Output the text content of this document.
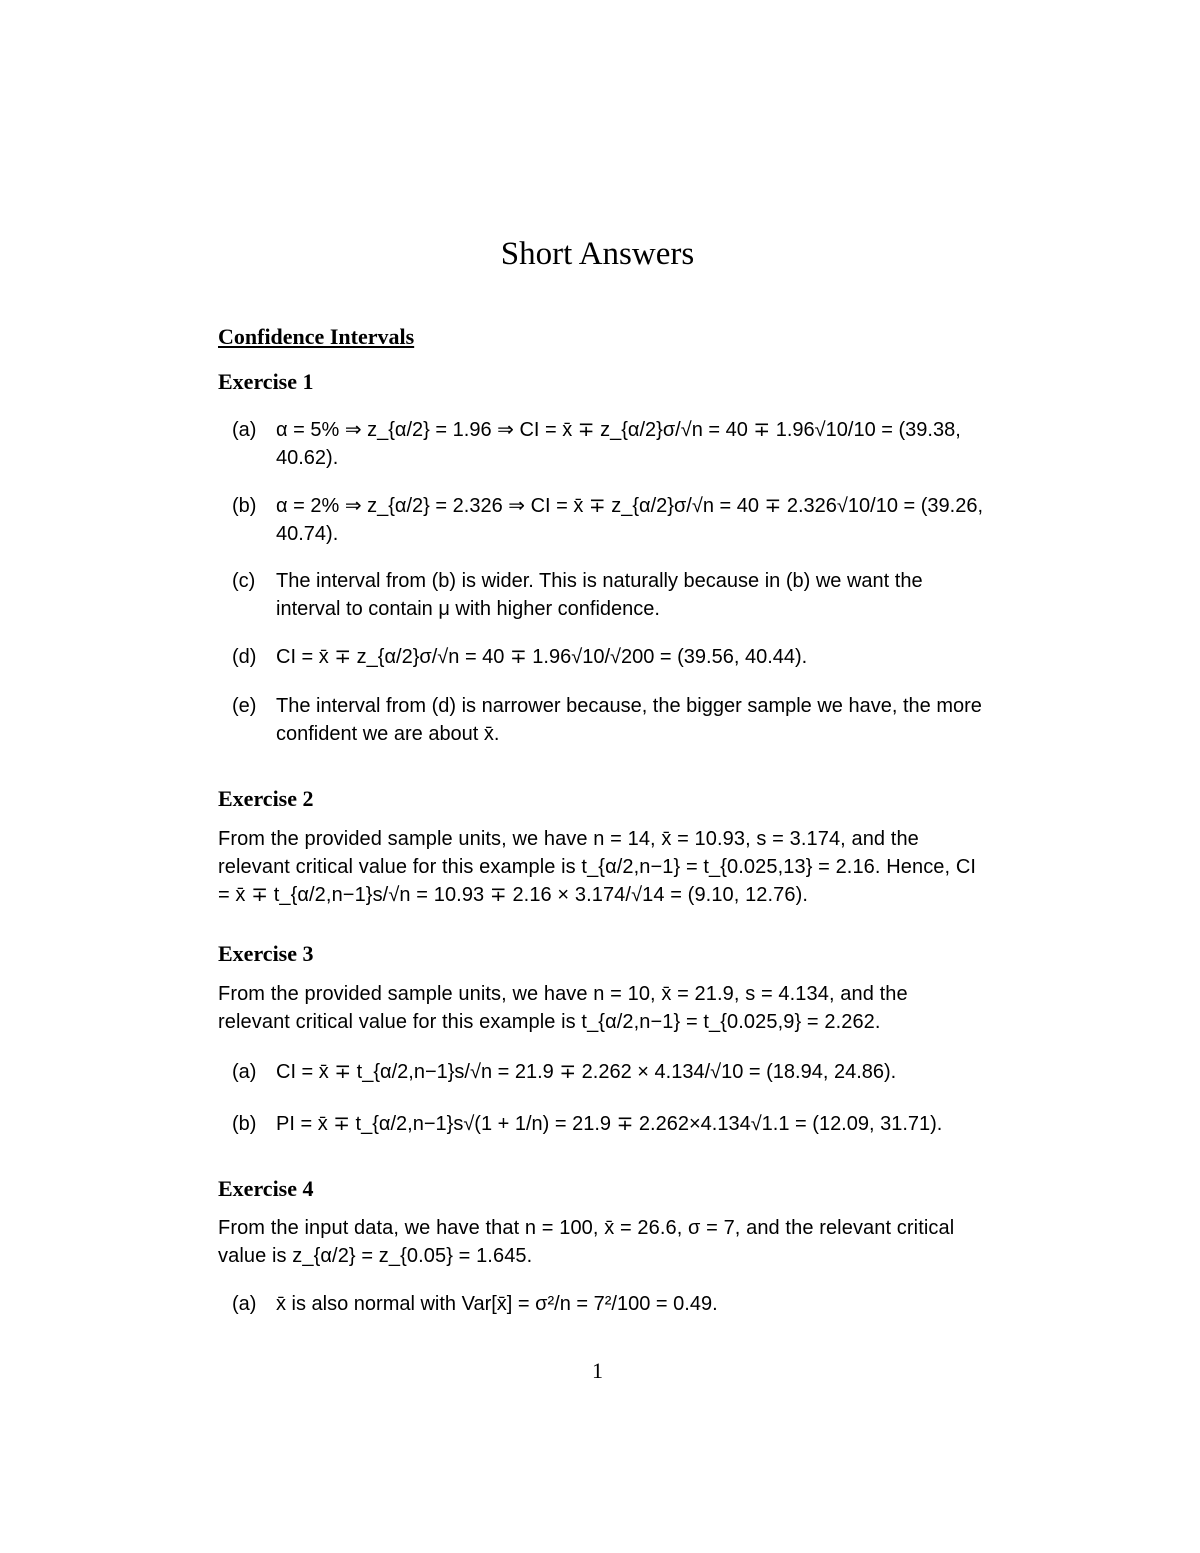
Short Answers
Confidence Intervals
Exercise 1
(a) α = 5% ⇒ z_{α/2} = 1.96 ⇒ CI = x̄ ∓ z_{α/2}σ/√n = 40 ∓ 1.96√10/10 = (39.38, 40.62).
(b) α = 2% ⇒ z_{α/2} = 2.326 ⇒ CI = x̄ ∓ z_{α/2}σ/√n = 40 ∓ 2.326√10/10 = (39.26, 40.74).
(c)	The interval from (b) is wider. This is naturally because in (b) we want the interval to contain μ with higher confidence.
(d) CI = x̄ ∓ z_{α/2}σ/√n = 40 ∓ 1.96√10/√200 = (39.56, 40.44).
(e) The interval from (d) is narrower because, the bigger sample we have, the more confident we are about x̄.
Exercise 2
From the provided sample units, we have n = 14, x̄ = 10.93, s = 3.174, and the relevant critical value for this example is t_{α/2,n−1} = t_{0.025,13} = 2.16. Hence, CI = x̄ ∓ t_{α/2,n−1}s/√n = 10.93 ∓ 2.16 × 3.174/√14 = (9.10, 12.76).
Exercise 3
From the provided sample units, we have n = 10, x̄ = 21.9, s = 4.134, and the relevant critical value for this example is t_{α/2,n−1} = t_{0.025,9} = 2.262.
(a) CI = x̄ ∓ t_{α/2,n−1}s/√n = 21.9 ∓ 2.262 × 4.134/√10 = (18.94, 24.86).
(b) PI = x̄ ∓ t_{α/2,n−1}s√(1 + 1/n) = 21.9 ∓ 2.262×4.134√1.1 = (12.09, 31.71).
Exercise 4
From the input data, we have that n = 100, x̄ = 26.6, σ = 7, and the relevant critical value is z_{α/2} = z_{0.05} = 1.645.
(a) x̄ is also normal with Var[x̄] = σ²/n = 7²/100 = 0.49.
1
